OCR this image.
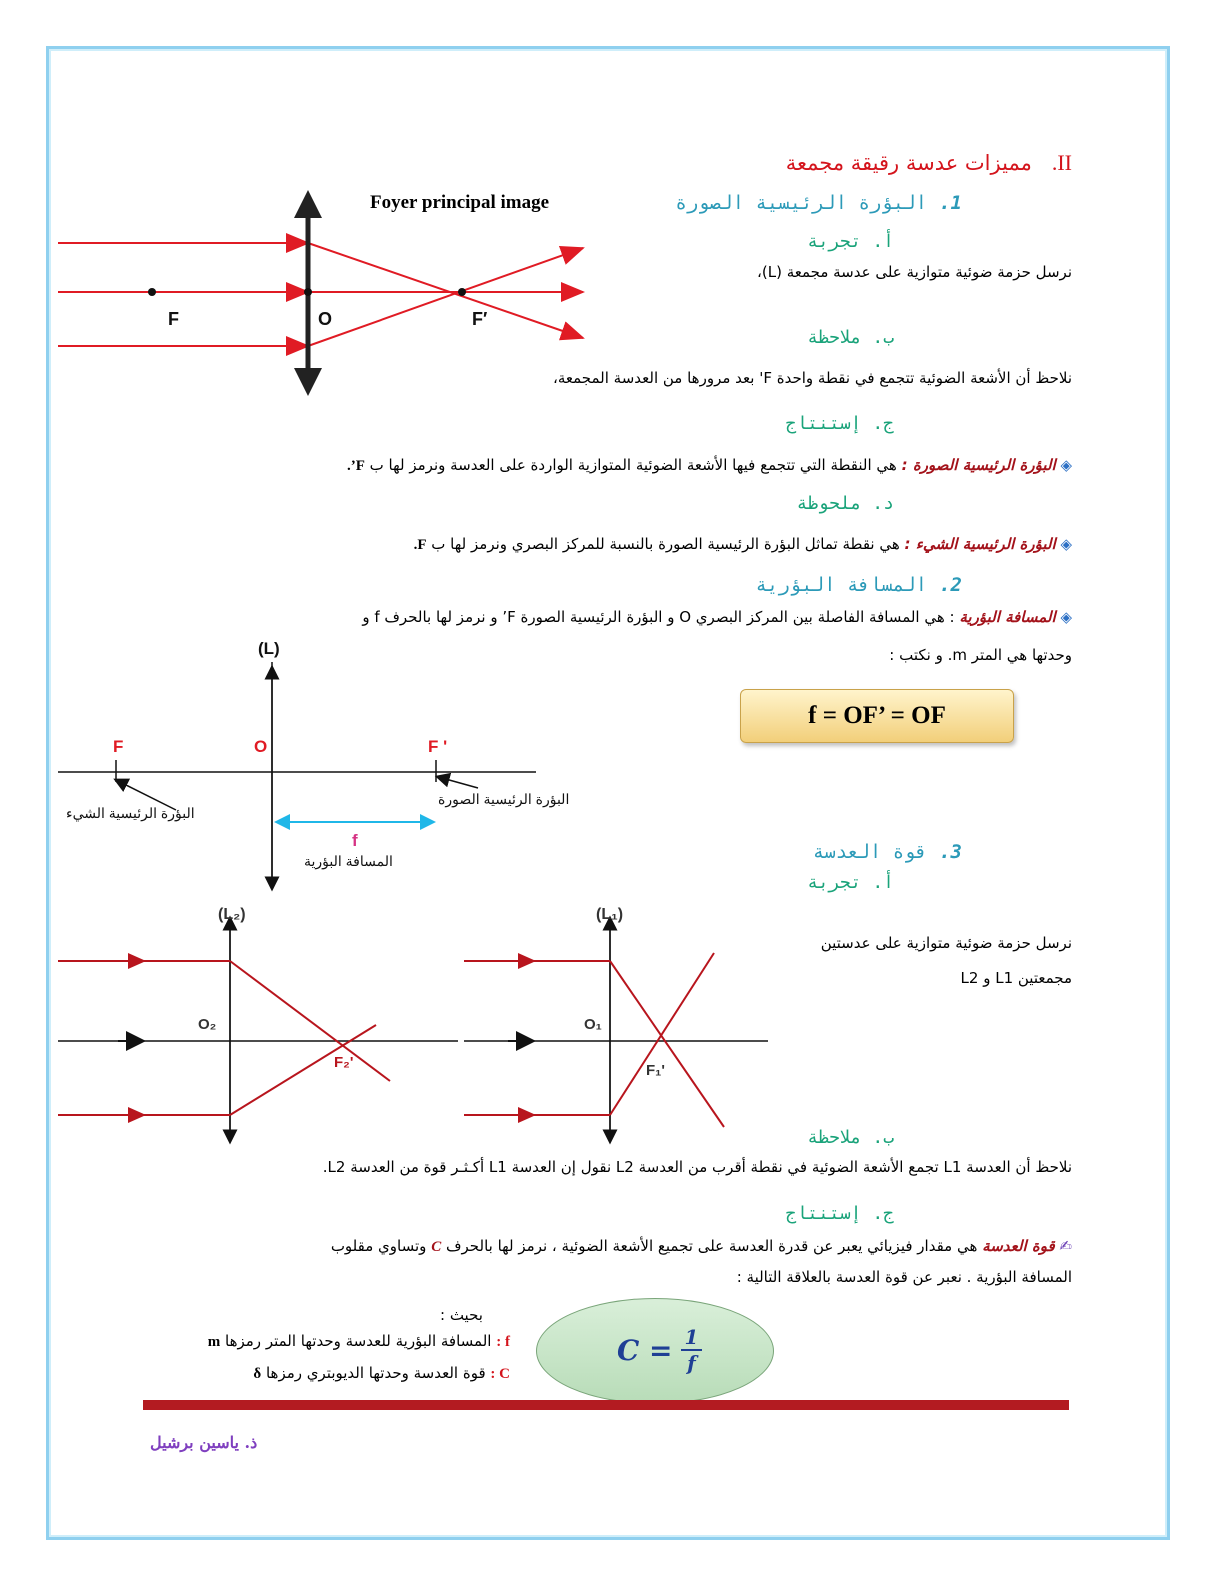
II.مميزات عدسة رقيقة مجمعة
F	O	F′
Foyer principal image	1.البؤرة الرئيسية الصورة
أ. تجربة
نرسل حزمة ضوئية متوازية على عدسة مجمعة (L)،
ب. ملاحظة
نلاحظ أن الأشعة الضوئية تتجمع في نقطة واحدة F' بعد مرورها من العدسة المجمعة،
ج. إستنتاج
◈ البؤرة الرئيسية الصورة : هي النقطة التي تتجمع فيها الأشعة الضوئية المتوازية الواردة على العدسة ونرمز لها ب F’.
د. ملحوظة
◈ البؤرة الرئيسية الشيء : هي نقطة تماثل البؤرة الرئيسية الصورة بالنسبة للمركز البصري ونرمز لها ب F.
2.المسافة البؤرية
◈ المسافة البؤرية : هي المسافة الفاصلة بين المركز البصري O و البؤرة الرئيسية الصورة F’ و نرمز لها بالحرف f و
وحدتها هي المتر m. و نكتب :
f = OF’ = OF
(L)
F	O	F '
البؤرة الرئيسية الشيء
البؤرة الرئيسية الصورة
f
المسافة البؤرية	3.قوة العدسة
أ. تجربة
نرسل حزمة ضوئية متوازية على عدستين
مجمعتين L1 و L2
(L₂)
O₂
F₂'
(L₁)
O₁
F₁'
ب. ملاحظة
نلاحظ أن العدسة L1 تجمع الأشعة الضوئية في نقطة أقرب من العدسة L2 نقول إن العدسة L1 أكـثـر قوة من العدسة L2.
ج. إستنتاج
✍ قوة العدسة هي مقدار فيزيائي يعبر عن قدرة العدسة على تجميع الأشعة الضوئية ، نرمز لها بالحرف C وتساوي مقلوب
المسافة البؤرية . نعبر عن قوة العدسة بالعلاقة التالية :
بحيث :
f : المسافة البؤرية للعدسة وحدتها المتر رمزها m
C : قوة العدسة وحدتها الديوبتري رمزها δ
$C = \frac{1}{f}$
ذ. ياسين برشيل
